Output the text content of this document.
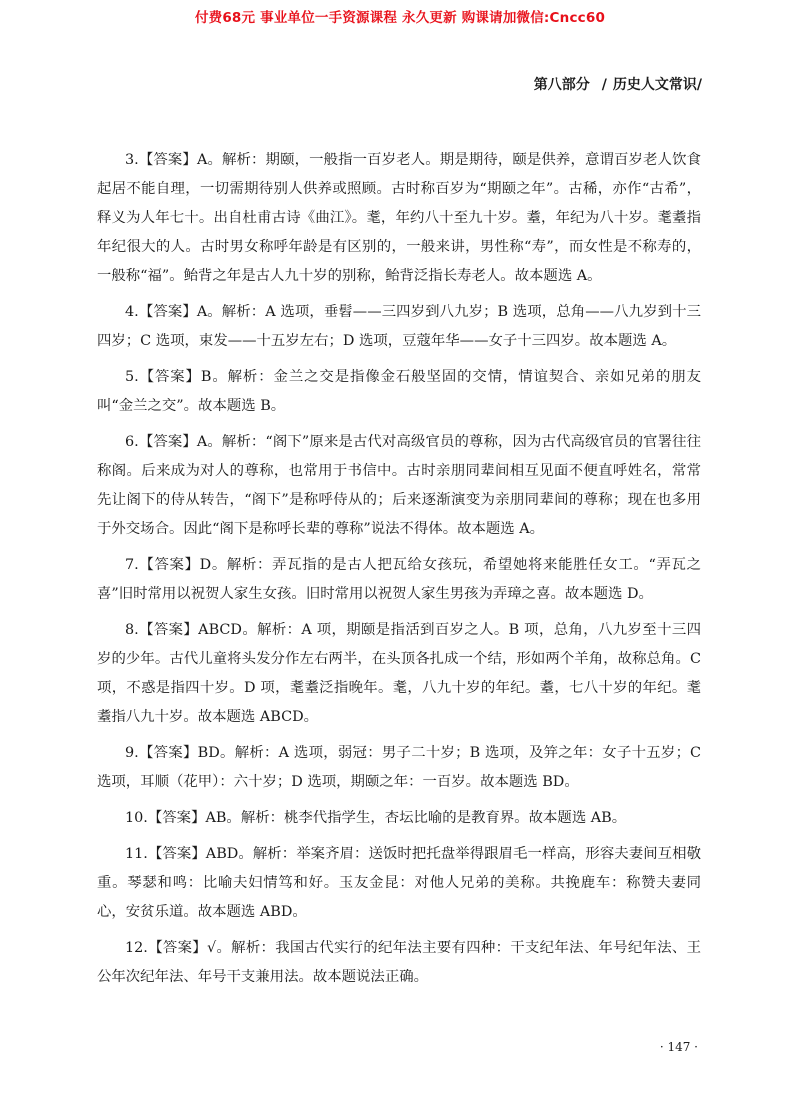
付费68元 事业单位一手资源课程 永久更新 购课请加微信:Cncc60
第八部分 / 历史人文常识/

3.【答案】A。解析：期颐，一般指一百岁老人。期是期待，颐是供养，意谓百岁老人饮食起居不能自理，一切需期待别人供养或照顾。古时称百岁为“期颐之年”。古稀，亦作“古希”，释义为人年七十。出自杜甫古诗《曲江》。耄，年约八十至九十岁。耋，年纪为八十岁。耄耋指年纪很大的人。古时男女称呼年龄是有区别的，一般来讲，男性称“寿”，而女性是不称寿的，一般称“福”。鲐背之年是古人九十岁的别称，鲐背泛指长寿老人。故本题选 A。

4.【答案】A。解析：A 选项，垂髫——三四岁到八九岁；B 选项，总角——八九岁到十三四岁；C 选项，束发——十五岁左右；D 选项，豆蔻年华——女子十三四岁。故本题选 A。

5.【答案】B。解析：金兰之交是指像金石般坚固的交情，情谊契合、亲如兄弟的朋友叫“金兰之交”。故本题选 B。

6.【答案】A。解析：“阁下”原来是古代对高级官员的尊称，因为古代高级官员的官署往往称阁。后来成为对人的尊称，也常用于书信中。古时亲朋同辈间相互见面不便直呼姓名，常常先让阁下的侍从转告，“阁下”是称呼侍从的；后来逐渐演变为亲朋同辈间的尊称；现在也多用于外交场合。因此“阁下是称呼长辈的尊称”说法不得体。故本题选 A。

7.【答案】D。解析：弄瓦指的是古人把瓦给女孩玩，希望她将来能胜任女工。“弄瓦之喜”旧时常用以祝贺人家生女孩。旧时常用以祝贺人家生男孩为弄璋之喜。故本题选 D。

8.【答案】ABCD。解析：A 项，期颐是指活到百岁之人。B 项，总角，八九岁至十三四岁的少年。古代儿童将头发分作左右两半，在头顶各扎成一个结，形如两个羊角，故称总角。C 项，不惑是指四十岁。D 项，耄耋泛指晚年。耄，八九十岁的年纪。耋，七八十岁的年纪。耄耋指八九十岁。故本题选 ABCD。

9.【答案】BD。解析：A 选项，弱冠：男子二十岁；B 选项，及笄之年：女子十五岁；C 选项，耳顺（花甲）：六十岁；D 选项，期颐之年：一百岁。故本题选 BD。

10.【答案】AB。解析：桃李代指学生，杏坛比喻的是教育界。故本题选 AB。

11.【答案】ABD。解析：举案齐眉：送饭时把托盘举得跟眉毛一样高，形容夫妻间互相敬重。琴瑟和鸣：比喻夫妇情笃和好。玉友金昆：对他人兄弟的美称。共挽鹿车：称赞夫妻同心，安贫乐道。故本题选 ABD。

12.【答案】√。解析：我国古代实行的纪年法主要有四种：干支纪年法、年号纪年法、王公年次纪年法、年号干支兼用法。故本题说法正确。

· 147 ·
